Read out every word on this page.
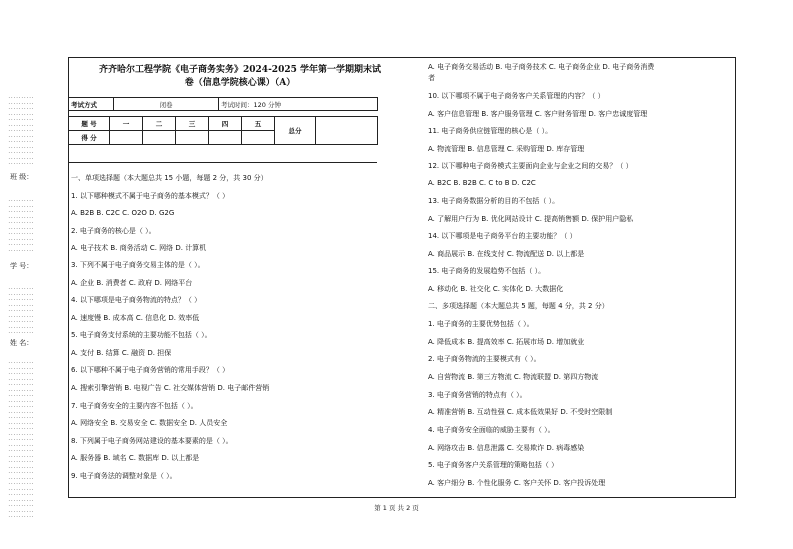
··········
··········
··········
··········
··········
··········
··········
··········
··········
··········
··········
··········
··········
班 级：
··········
··········
··········
··········
··········
··········
··········
··········
··········
··········
学 号：
··········
··········
··········
··········
··········
··········
··········
··········
··········
姓 名：
··········
··········
··········
··········
··········
··········
··········
··········
··········
··········
··········
··········
··········
··········
··········
··········
··········
··········
··········
··········
··········
··········
··········
··········
··········
··········
··········
··········
··········
齐齐哈尔工程学院《电子商务实务》2024-2025 学年第一学期期末试
卷（信息学院核心课）（A）
考试方式	闭卷	考试时间：120 分钟
题 号	一	二	三	四	五	总分	
得 分							
一、单项选择题（本大题总共 15 小题，每题 2 分，共 30 分）
1. 以下哪种模式不属于电子商务的基本模式？（ ）
A. B2B B. C2C C. O2O D. G2G
2. 电子商务的核心是（ ）。
A. 电子技术 B. 商务活动 C. 网络 D. 计算机
3. 下列不属于电子商务交易主体的是（ ）。
A. 企业 B. 消费者 C. 政府 D. 网络平台
4. 以下哪项是电子商务物流的特点？（ ）
A. 速度慢 B. 成本高 C. 信息化 D. 效率低
5. 电子商务支付系统的主要功能不包括（ ）。
A. 支付 B. 结算 C. 融资 D. 担保
6. 以下哪种不属于电子商务营销的常用手段？（ ）
A. 搜索引擎营销 B. 电视广告 C. 社交媒体营销 D. 电子邮件营销
7. 电子商务安全的主要内容不包括（ ）。
A. 网络安全 B. 交易安全 C. 数据安全 D. 人员安全
8. 下列属于电子商务网站建设的基本要素的是（ ）。
A. 服务器 B. 域名 C. 数据库 D. 以上都是
9. 电子商务法的调整对象是（ ）。
A. 电子商务交易活动 B. 电子商务技术 C. 电子商务企业 D. 电子商务消费
者
10. 以下哪项不属于电子商务客户关系管理的内容？（ ）
A. 客户信息管理 B. 客户服务管理 C. 客户财务管理 D. 客户忠诚度管理
11. 电子商务供应链管理的核心是（ ）。
A. 物流管理 B. 信息管理 C. 采购管理 D. 库存管理
12. 以下哪种电子商务模式主要面向企业与企业之间的交易？（ ）
A. B2C B. B2B C. C to B D. C2C
13. 电子商务数据分析的目的不包括（ ）。
A. 了解用户行为 B. 优化网站设计 C. 提高销售额 D. 保护用户隐私
14. 以下哪项是电子商务平台的主要功能？（ ）
A. 商品展示 B. 在线支付 C. 物流配送 D. 以上都是
15. 电子商务的发展趋势不包括（ ）。
A. 移动化 B. 社交化 C. 实体化 D. 大数据化
二、多项选择题（本大题总共 5 题，每题 4 分，共 2 分）
1. 电子商务的主要优势包括（ ）。
A. 降低成本 B. 提高效率 C. 拓展市场 D. 增加就业
2. 电子商务物流的主要模式有（ ）。
A. 自营物流 B. 第三方物流 C. 物流联盟 D. 第四方物流
3. 电子商务营销的特点有（ ）。
A. 精准营销 B. 互动性强 C. 成本低效果好 D. 不受时空限制
4. 电子商务安全面临的威胁主要有（ ）。
A. 网络攻击 B. 信息泄露 C. 交易欺诈 D. 病毒感染
5. 电子商务客户关系管理的策略包括（ ）
A. 客户细分 B. 个性化服务 C. 客户关怀 D. 客户投诉处理
第 1 页 共 2 页
